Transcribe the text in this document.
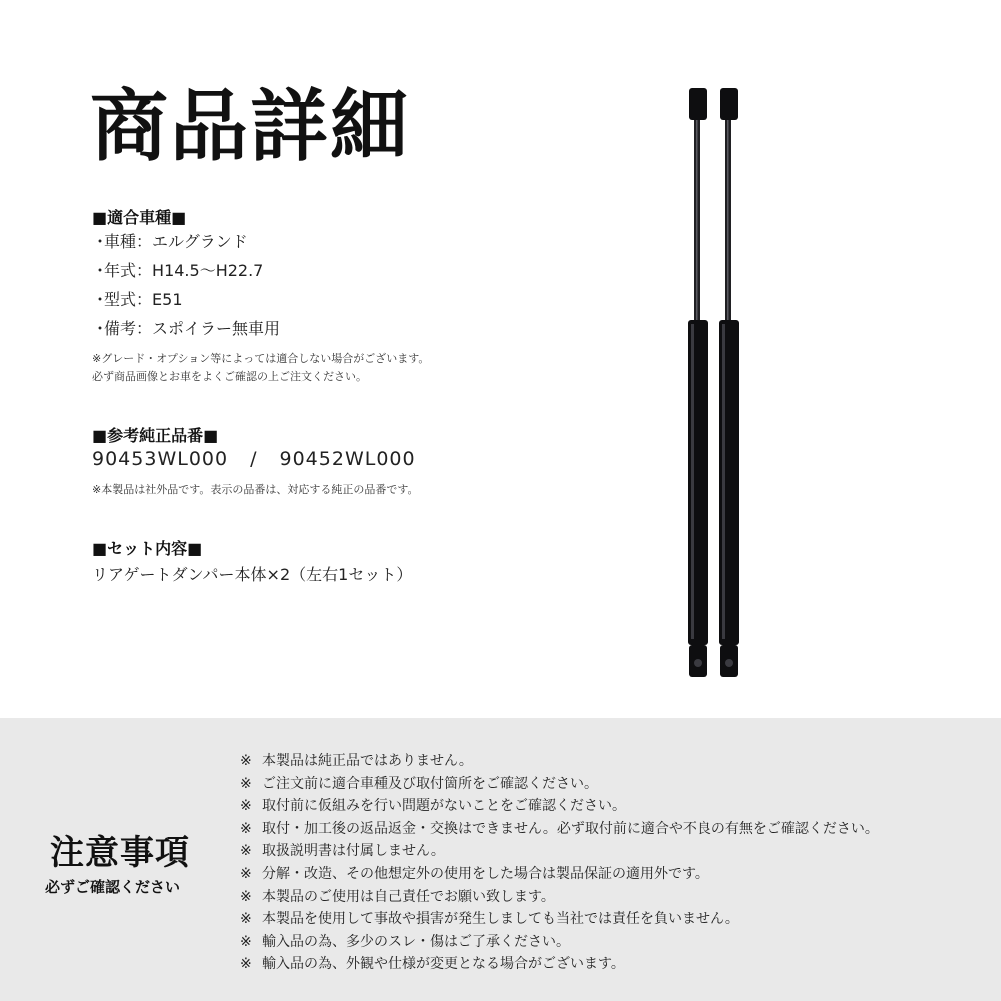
商品詳細
■適合車種■
・車種：エルグランド
・年式：H14.5〜H22.7
・型式：E51
・備考：スポイラー無車用
※グレード・オプション等によっては適合しない場合がございます。
必ず商品画像とお車をよくご確認の上ご注文ください。
■参考純正品番■
90453WL000 / 90452WL000
※本製品は社外品です。表示の品番は、対応する純正の品番です。
■セット内容■
リアゲートダンパー本体×2（左右1セット）
注意事項
必ずご確認ください
※ 本製品は純正品ではありません。
※ ご注文前に適合車種及び取付箇所をご確認ください。
※ 取付前に仮組みを行い問題がないことをご確認ください。
※ 取付・加工後の返品返金・交換はできません。必ず取付前に適合や不良の有無をご確認ください。
※ 取扱説明書は付属しません。
※ 分解・改造、その他想定外の使用をした場合は製品保証の適用外です。
※ 本製品のご使用は自己責任でお願い致します。
※ 本製品を使用して事故や損害が発生しましても当社では責任を負いません。
※ 輸入品の為、多少のスレ・傷はご了承ください。
※ 輸入品の為、外観や仕様が変更となる場合がございます。
